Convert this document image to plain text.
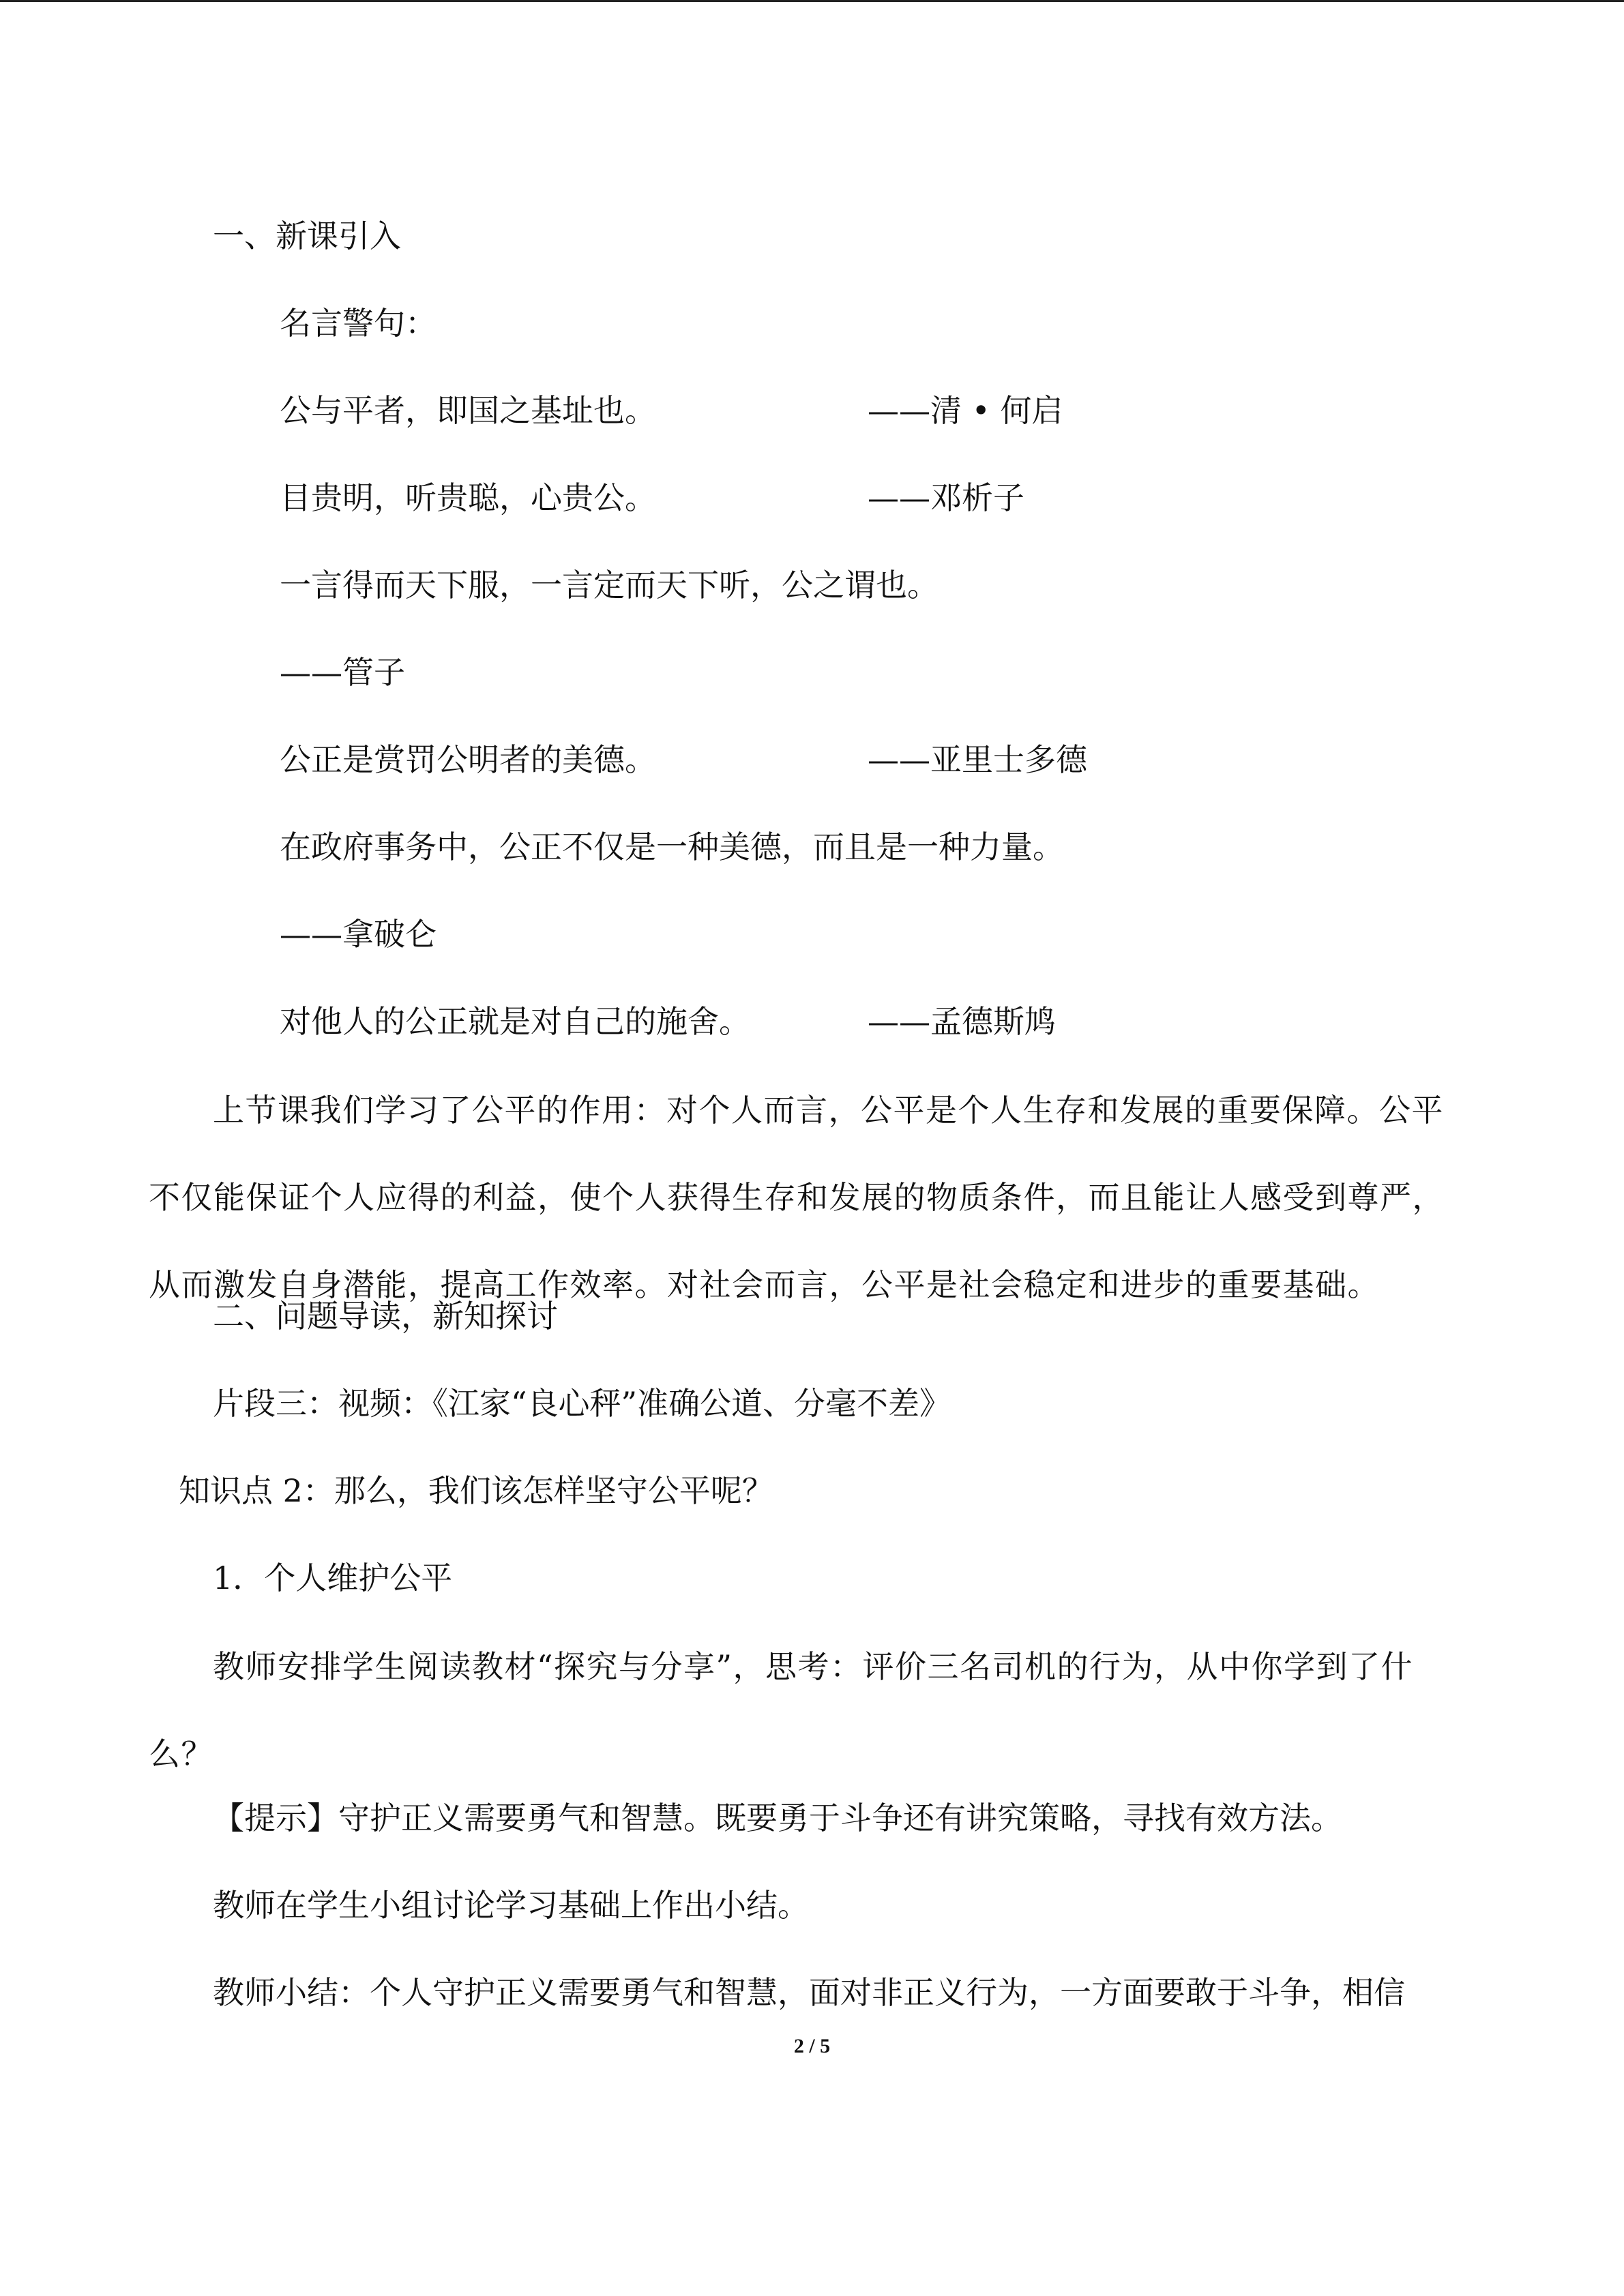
一、新课引入
名言警句：
公与平者，即国之基址也。	——清 • 何启
目贵明，听贵聪，心贵公。	——邓析子
一言得而天下服，一言定而天下听，公之谓也。
——管子
公正是赏罚公明者的美德。	——亚里士多德
在政府事务中，公正不仅是一种美德，而且是一种力量。
——拿破仑
对他人的公正就是对自己的施舍。	——孟德斯鸠
上节课我们学习了公平的作用：对个人而言，公平是个人生存和发展的重要保障。公平不仅能保证个人应得的利益，使个人获得生存和发展的物质条件，而且能让人感受到尊严，从而激发自身潜能，提高工作效率。对社会而言，公平是社会稳定和进步的重要基础。
二、问题导读，新知探讨
片段三：视频：《江家“良心秤”准确公道、分毫不差》
知识点 2：那么，我们该怎样坚守公平呢？
1．个人维护公平
教师安排学生阅读教材“探究与分享”，思考：评价三名司机的行为，从中你学到了什么？
【提示】守护正义需要勇气和智慧。既要勇于斗争还有讲究策略，寻找有效方法。
教师在学生小组讨论学习基础上作出小结。
教师小结：个人守护正义需要勇气和智慧，面对非正义行为，一方面要敢于斗争，相信
2 / 5
